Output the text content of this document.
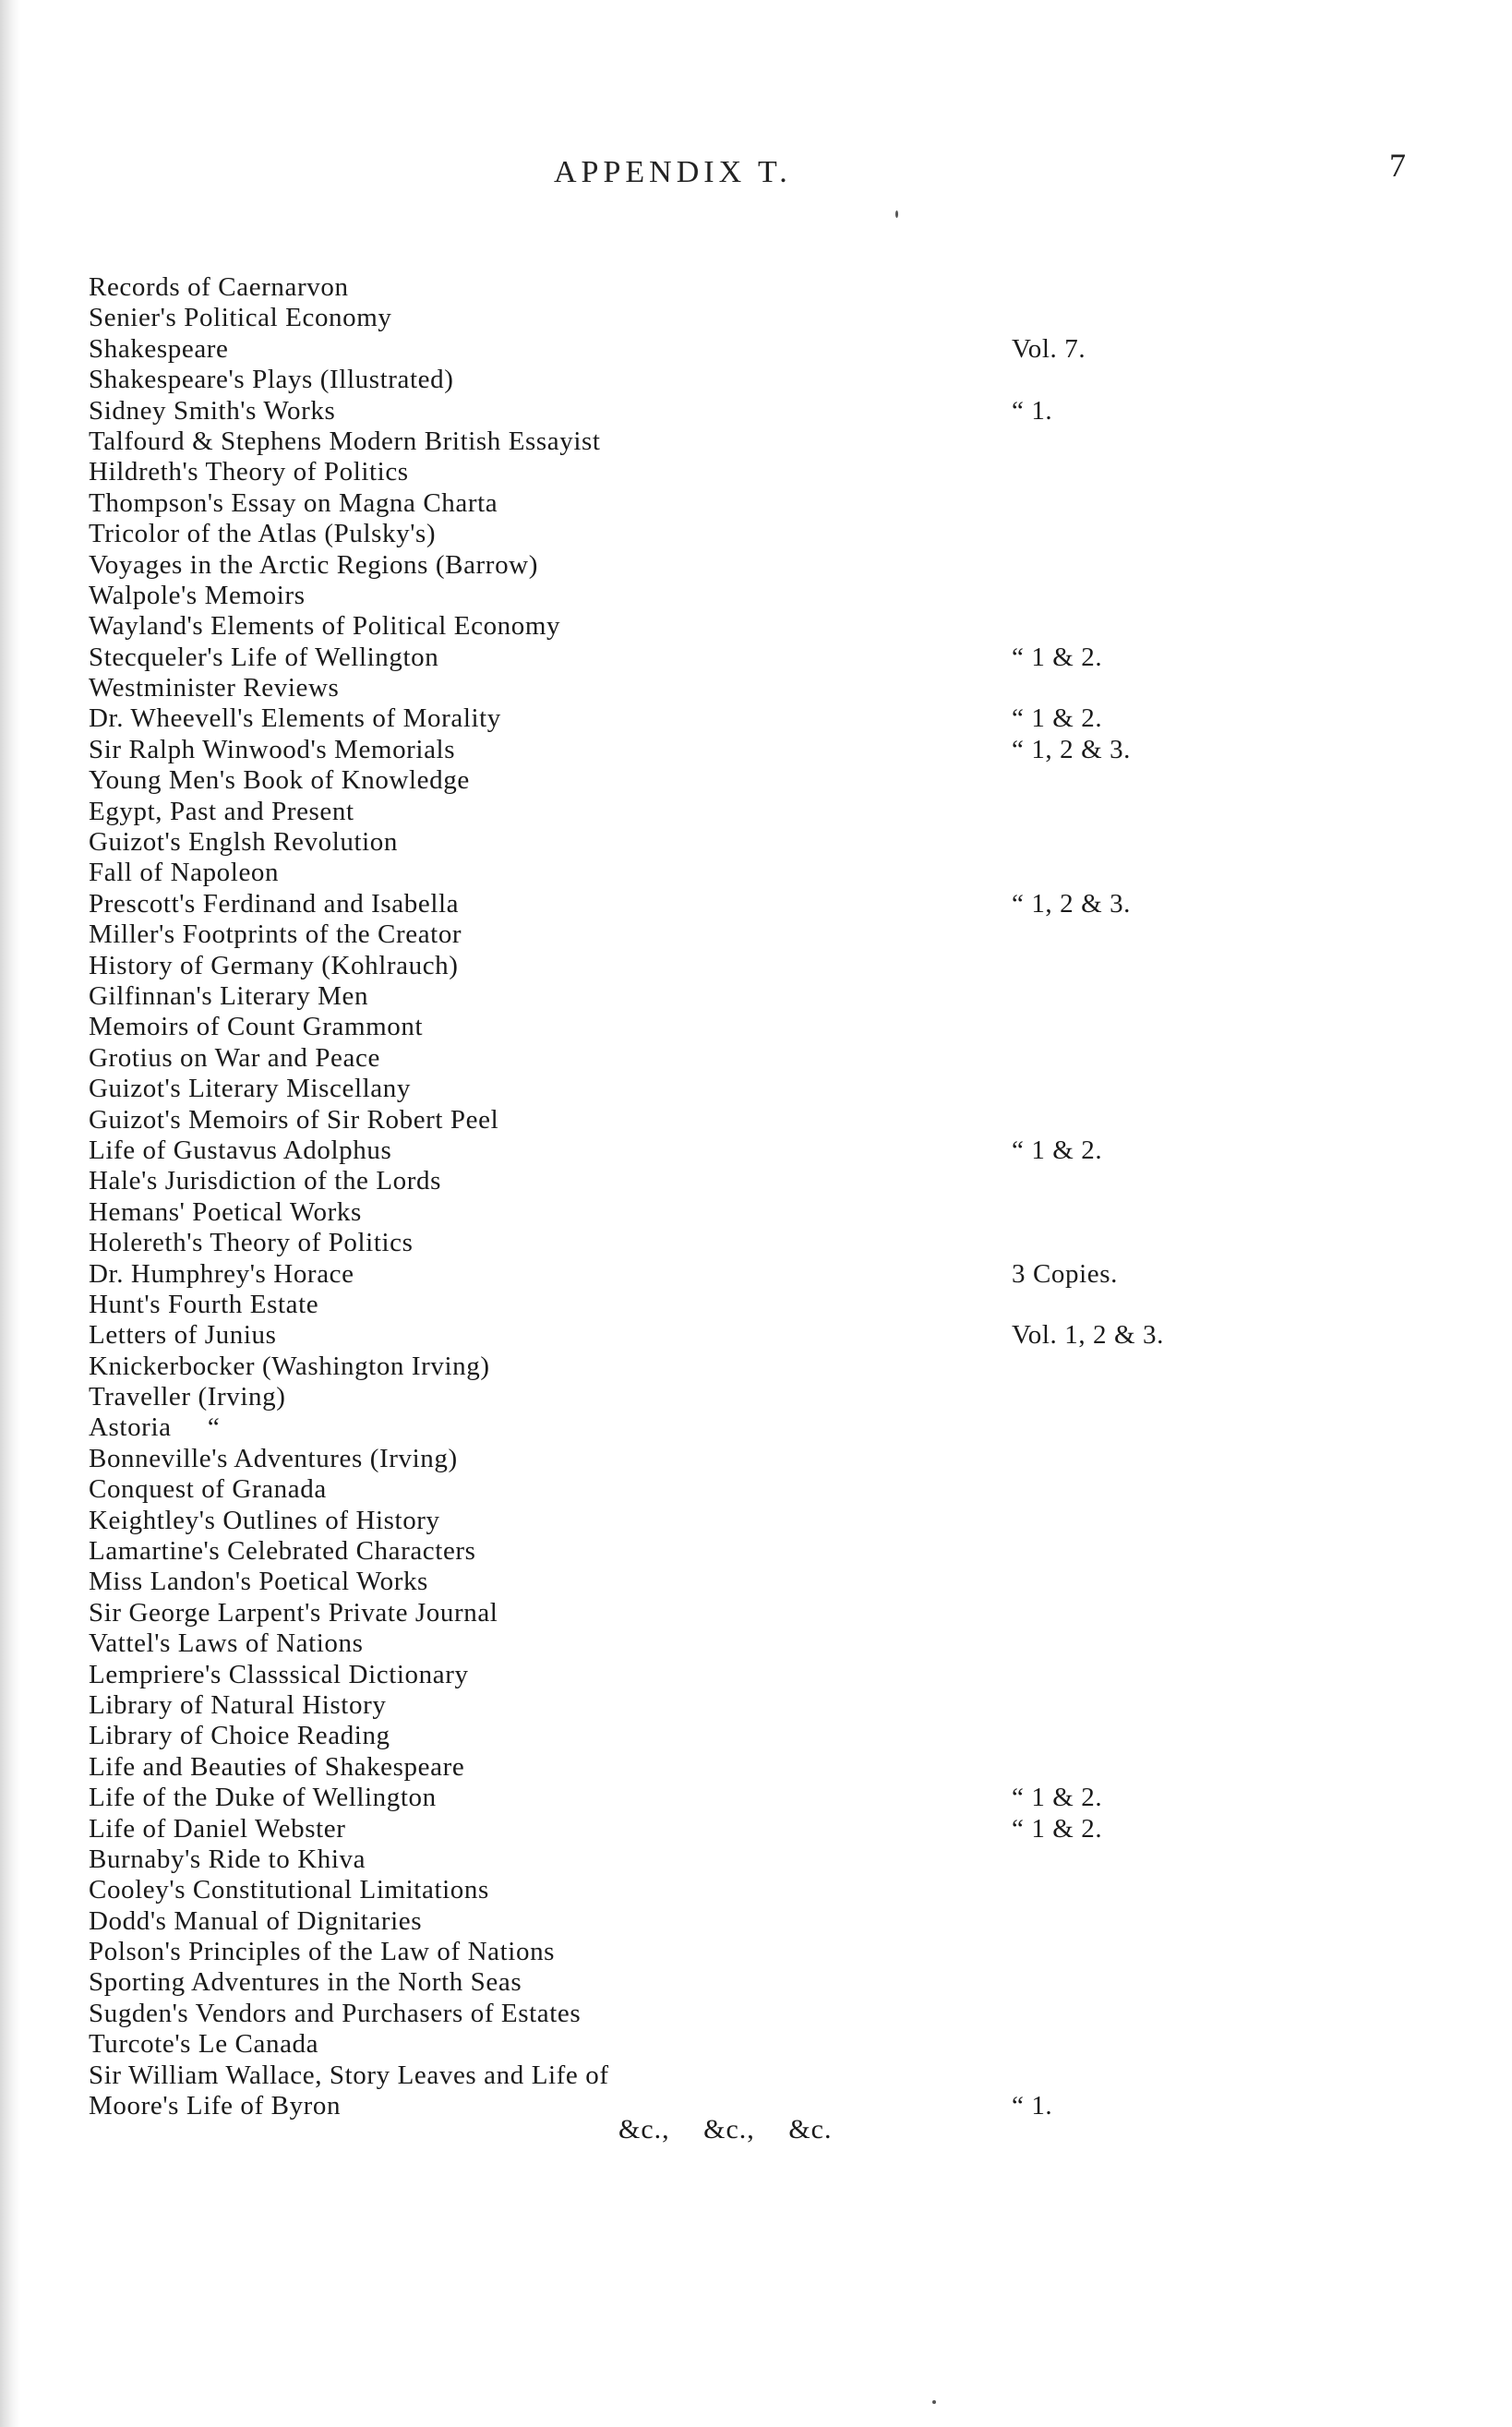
APPENDIX T.	7
Records of Caernarvon
Senier's Political Economy
Shakespeare	Vol. 7.
Shakespeare's Plays (Illustrated)
Sidney Smith's Works	“ 1.
Talfourd & Stephens Modern British Essayist
Hildreth's Theory of Politics
Thompson's Essay on Magna Charta
Tricolor of the Atlas (Pulsky's)
Voyages in the Arctic Regions (Barrow)
Walpole's Memoirs
Wayland's Elements of Political Economy
Stecqueler's Life of Wellington	“ 1 & 2.
Westminister Reviews
Dr. Wheevell's Elements of Morality	“ 1 & 2.
Sir Ralph Winwood's Memorials	“ 1, 2 & 3.
Young Men's Book of Knowledge
Egypt, Past and Present
Guizot's Englsh Revolution
Fall of Napoleon
Prescott's Ferdinand and Isabella	“ 1, 2 & 3.
Miller's Footprints of the Creator
History of Germany (Kohlrauch)
Gilfinnan's Literary Men
Memoirs of Count Grammont
Grotius on War and Peace
Guizot's Literary Miscellany
Guizot's Memoirs of Sir Robert Peel
Life of Gustavus Adolphus	“ 1 & 2.
Hale's Jurisdiction of the Lords
Hemans' Poetical Works
Holereth's Theory of Politics
Dr. Humphrey's Horace	3 Copies.
Hunt's Fourth Estate
Letters of Junius	Vol. 1, 2 & 3.
Knickerbocker (Washington Irving)
Traveller (Irving)
Astoria     “
Bonneville's Adventures (Irving)
Conquest of Granada
Keightley's Outlines of History
Lamartine's Celebrated Characters
Miss Landon's Poetical Works
Sir George Larpent's Private Journal
Vattel's Laws of Nations
Lempriere's Classsical Dictionary
Library of Natural History
Library of Choice Reading
Life and Beauties of Shakespeare
Life of the Duke of Wellington	“ 1 & 2.
Life of Daniel Webster	“ 1 & 2.
Burnaby's Ride to Khiva
Cooley's Constitutional Limitations
Dodd's Manual of Dignitaries
Polson's Principles of the Law of Nations
Sporting Adventures in the North Seas
Sugden's Vendors and Purchasers of Estates
Turcote's Le Canada
Sir William Wallace, Story Leaves and Life of
Moore's Life of Byron	“ 1.
&c., &c., &c.
